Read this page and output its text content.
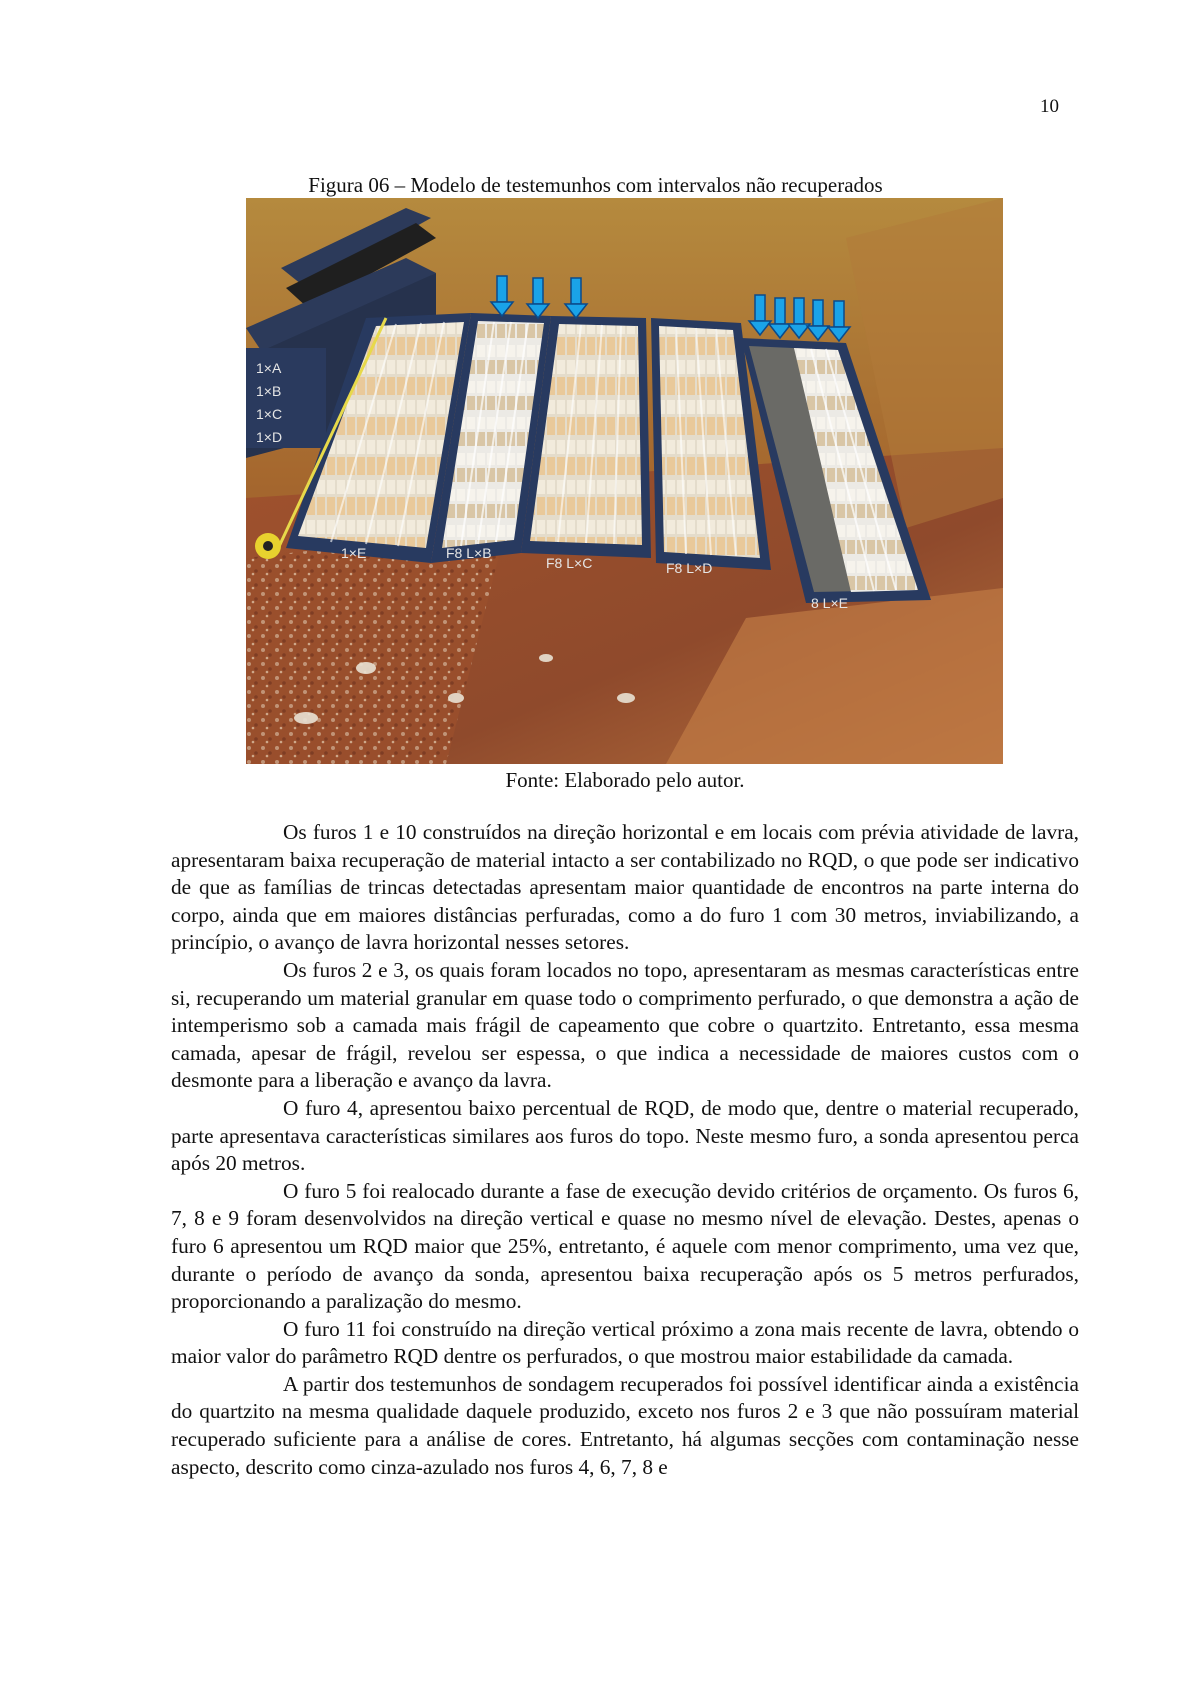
10
Figura 06 – Modelo de testemunhos com intervalos não recuperados
1×A
1×B
1×C
1×D
1×E	F8 L×B
F8 L×C	F8 L×D
8 L×E
Fonte: Elaborado pelo autor.

Os furos 1 e 10 construídos na direção horizontal e em locais com prévia atividade de lavra, apresentaram baixa recuperação de material intacto a ser contabilizado no RQD, o que pode ser indicativo de que as famílias de trincas detectadas apresentam maior quantidade de encontros na parte interna do corpo, ainda que em maiores distâncias perfuradas, como a do furo 1 com 30 metros, inviabilizando, a princípio, o avanço de lavra horizontal nesses setores.

Os furos 2 e 3, os quais foram locados no topo, apresentaram as mesmas características entre si, recuperando um material granular em quase todo o comprimento perfurado, o que demonstra a ação de intemperismo sob a camada mais frágil de capeamento que cobre o quartzito. Entretanto, essa mesma camada, apesar de frágil, revelou ser espessa, o que indica a necessidade de maiores custos com o desmonte para a liberação e avanço da lavra.

O furo 4, apresentou baixo percentual de RQD, de modo que, dentre o material recuperado, parte apresentava características similares aos furos do topo. Neste mesmo furo, a sonda apresentou perca após 20 metros.

O furo 5 foi realocado durante a fase de execução devido critérios de orçamento. Os furos 6, 7, 8 e 9 foram desenvolvidos na direção vertical e quase no mesmo nível de elevação. Destes, apenas o furo 6 apresentou um RQD maior que 25%, entretanto, é aquele com menor comprimento, uma vez que, durante o período de avanço da sonda, apresentou baixa recuperação após os 5 metros perfurados, proporcionando a paralização do mesmo.

O furo 11 foi construído na direção vertical próximo a zona mais recente de lavra, obtendo o maior valor do parâmetro RQD dentre os perfurados, o que mostrou maior estabilidade da camada.

A partir dos testemunhos de sondagem recuperados foi possível identificar ainda a existência do quartzito na mesma qualidade daquele produzido, exceto nos furos 2 e 3 que não possuíram material recuperado suficiente para a análise de cores. Entretanto, há algumas secções com contaminação nesse aspecto, descrito como cinza-azulado nos furos 4, 6, 7, 8 e
